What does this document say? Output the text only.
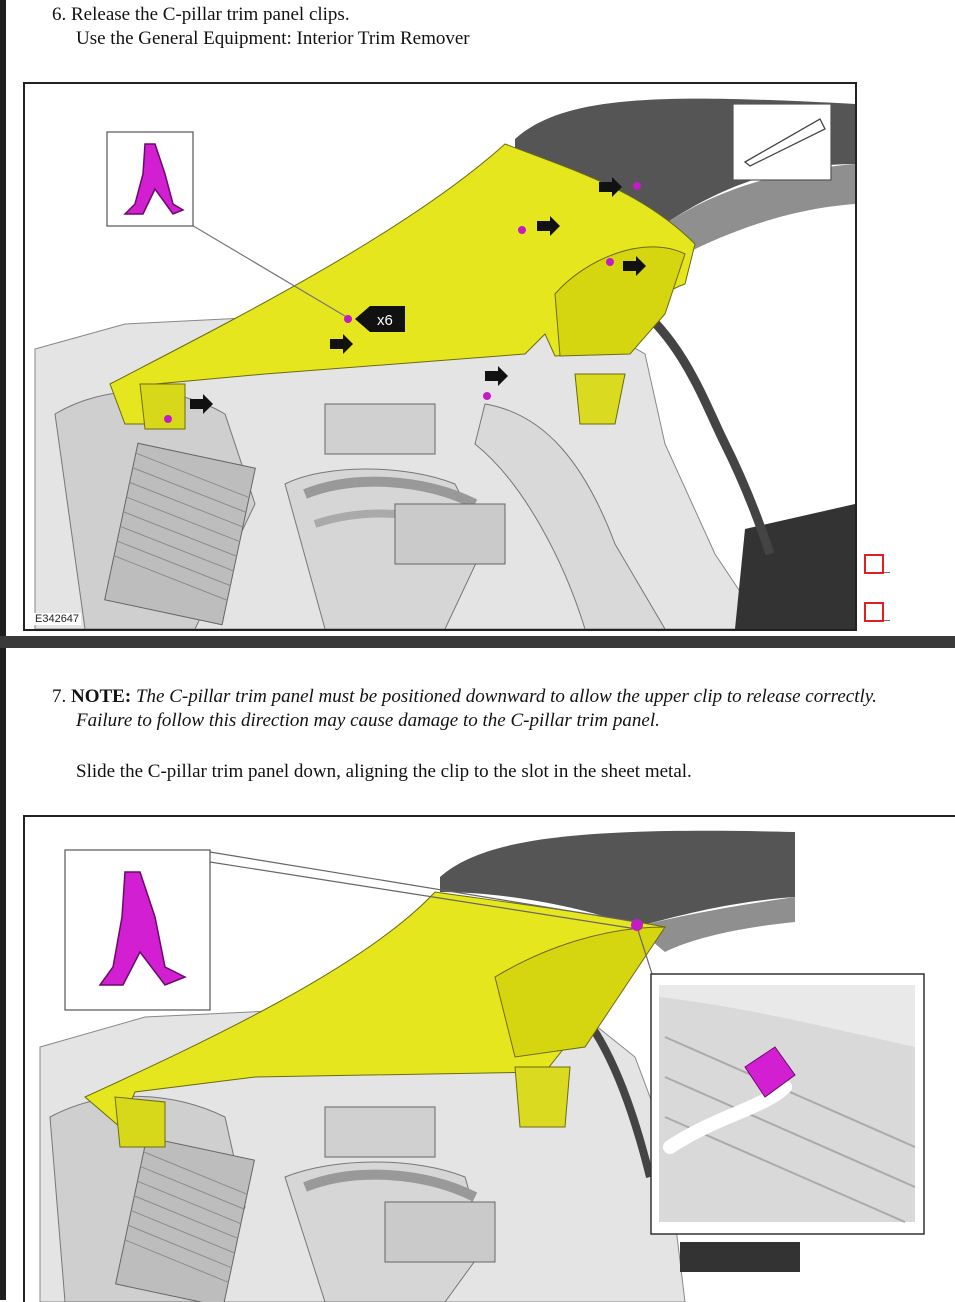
6. Release the C-pillar trim panel clips.
Use the General Equipment: Interior Trim Remover
x6
E342647
7. NOTE: The C-pillar trim panel must be positioned downward to allow the upper clip to release correctly.
Failure to follow this direction may cause damage to the C-pillar trim panel.
Slide the C-pillar trim panel down, aligning the clip to the slot in the sheet metal.
